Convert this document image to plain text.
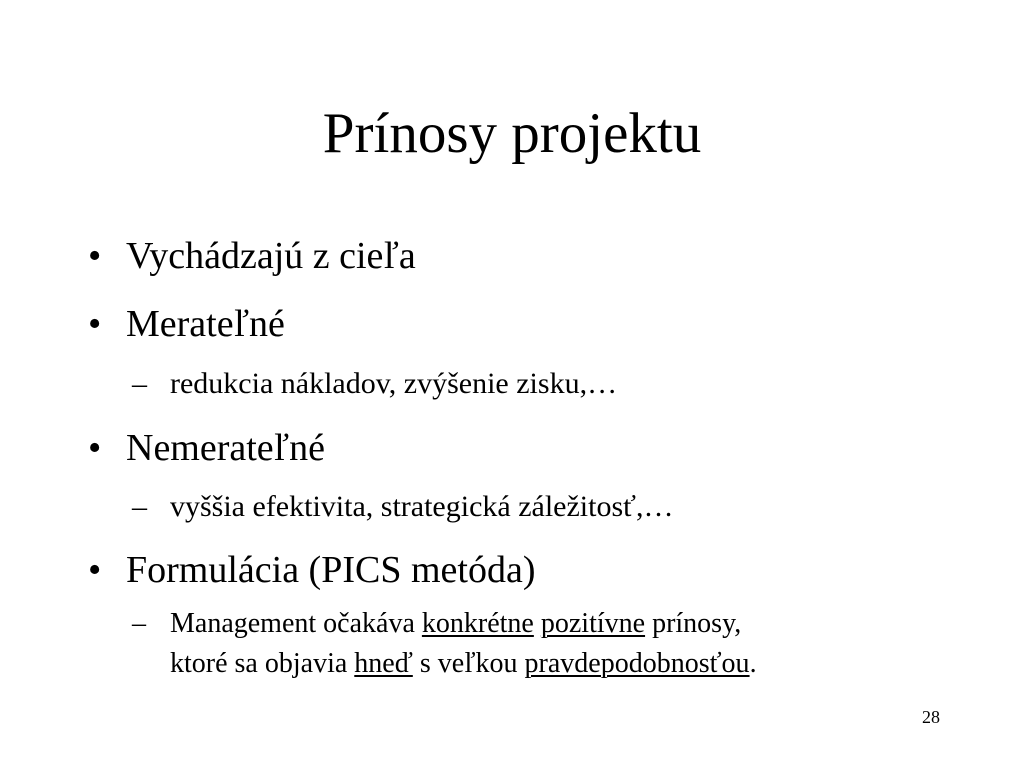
Prínosy projektu
• Vychádzajú z cieľa
• Merateľné
– redukcia nákladov, zvýšenie zisku,…
• Nemerateľné
– vyššia efektivita, strategická záležitosť,…
• Formulácia (PICS metóda)
– Management očakáva konkrétne pozitívne prínosy,
ktoré sa objavia hneď s veľkou pravdepodobnosťou.
28
